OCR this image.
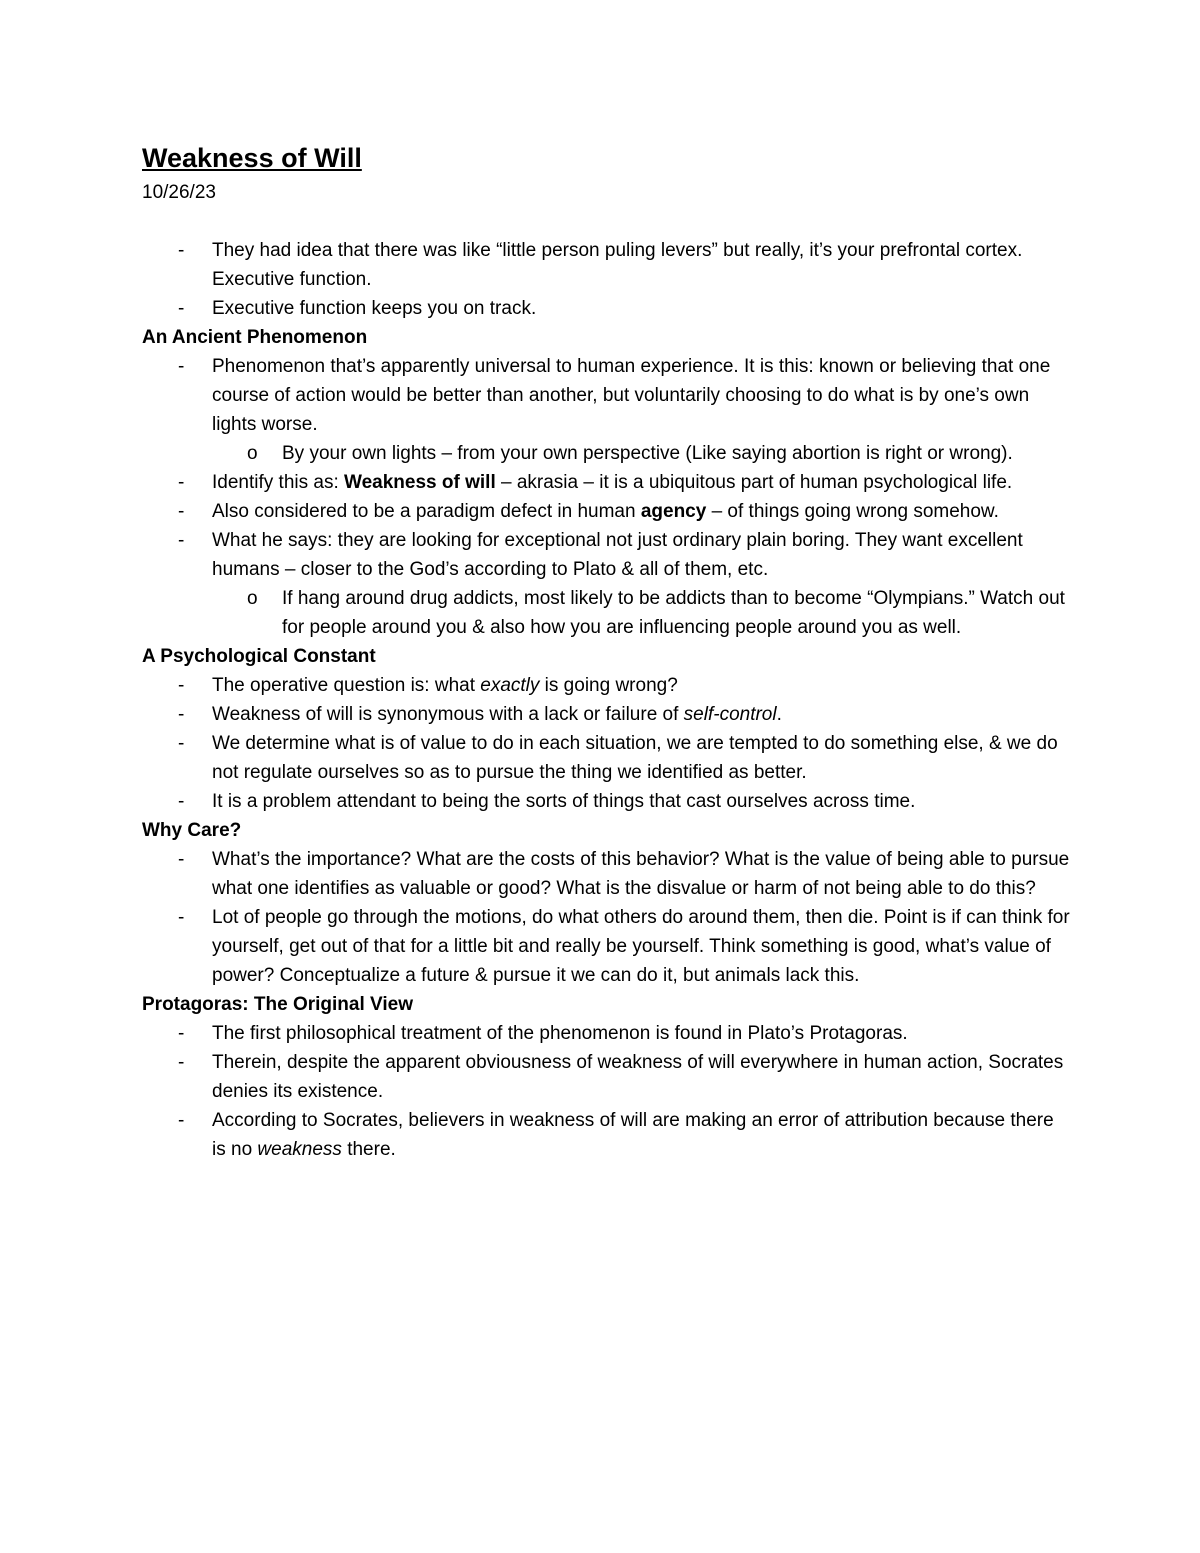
Weakness of Will

10/26/23

- They had idea that there was like “little person puling levers” but really, it’s your prefrontal cortex. Executive function.
- Executive function keeps you on track.

An Ancient Phenomenon

- Phenomenon that’s apparently universal to human experience. It is this: known or believing that one course of action would be better than another, but voluntarily choosing to do what is by one’s own lights worse.
o By your own lights – from your own perspective (Like saying abortion is right or wrong).
- Identify this as: Weakness of will – akrasia – it is a ubiquitous part of human psychological life.
- Also considered to be a paradigm defect in human agency – of things going wrong somehow.
- What he says: they are looking for exceptional not just ordinary plain boring. They want excellent humans – closer to the God’s according to Plato & all of them, etc.
o If hang around drug addicts, most likely to be addicts than to become “Olympians.” Watch out for people around you & also how you are influencing people around you as well.

A Psychological Constant

- The operative question is: what exactly is going wrong?
- Weakness of will is synonymous with a lack or failure of self-control.
- We determine what is of value to do in each situation, we are tempted to do something else, & we do not regulate ourselves so as to pursue the thing we identified as better.
- It is a problem attendant to being the sorts of things that cast ourselves across time.

Why Care?

- What’s the importance? What are the costs of this behavior? What is the value of being able to pursue what one identifies as valuable or good? What is the disvalue or harm of not being able to do this?
- Lot of people go through the motions, do what others do around them, then die. Point is if can think for yourself, get out of that for a little bit and really be yourself. Think something is good, what’s value of power? Conceptualize a future & pursue it we can do it, but animals lack this.

Protagoras: The Original View

- The first philosophical treatment of the phenomenon is found in Plato’s Protagoras.
- Therein, despite the apparent obviousness of weakness of will everywhere in human action, Socrates denies its existence.
- According to Socrates, believers in weakness of will are making an error of attribution because there is no weakness there.
